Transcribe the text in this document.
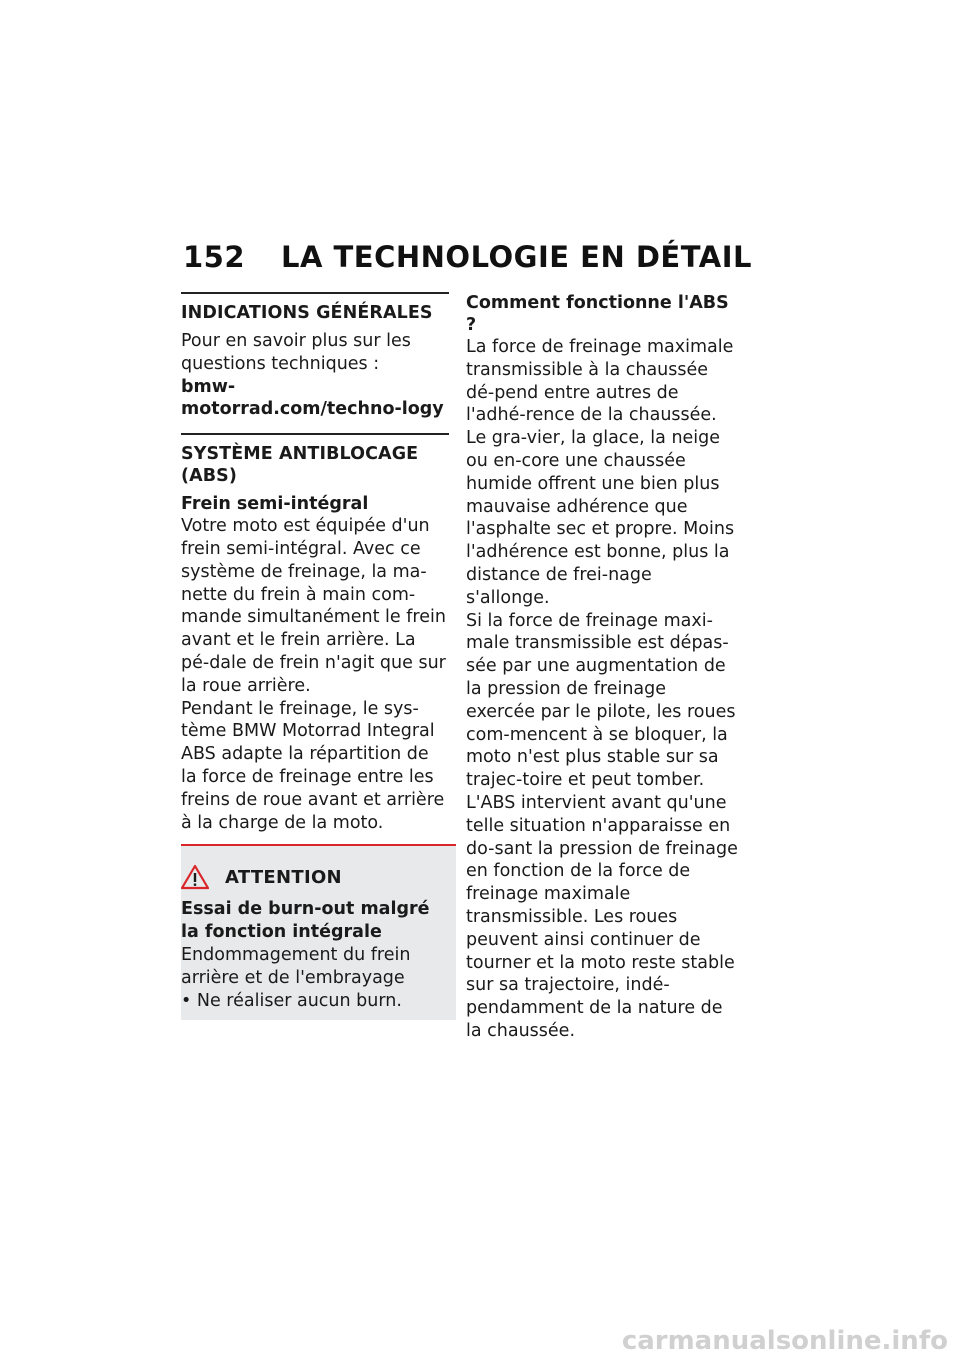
152 LA TECHNOLOGIE EN DÉTAIL
INDICATIONS GÉNÉRALES

Pour en savoir plus sur les questions techniques :

bmw-motorrad.com/techno-logy

SYSTÈME ANTIBLOCAGE (ABS)
Frein semi-intégral

Votre moto est équipée d'un frein semi-intégral. Avec ce système de freinage, la ma-nette du frein à main com-mande simultanément le frein avant et le frein arrière. La pé-dale de frein n'agit que sur la roue arrière.

Pendant le freinage, le sys-tème BMW Motorrad Integral ABS adapte la répartition de la force de freinage entre les freins de roue avant et arrière à la charge de la moto.

ATTENTION

Essai de burn-out malgré la fonction intégrale

Endommagement du frein arrière et de l'embrayage

• Ne réaliser aucun burn.

Comment fonctionne l'ABS ?

La force de freinage maximale transmissible à la chaussée dé-pend entre autres de l'adhé-rence de la chaussée. Le gra-vier, la glace, la neige ou en-core une chaussée humide offrent une bien plus mauvaise adhérence que l'asphalte sec et propre. Moins l'adhérence est bonne, plus la distance de frei-nage s'allonge.

Si la force de freinage maxi-male transmissible est dépas-sée par une augmentation de la pression de freinage exercée par le pilote, les roues com-mencent à se bloquer, la moto n'est plus stable sur sa trajec-toire et peut tomber. L'ABS intervient avant qu'une telle situation n'apparaisse en do-sant la pression de freinage en fonction de la force de freinage maximale transmissible. Les roues peuvent ainsi continuer de tourner et la moto reste stable sur sa trajectoire, indé-pendamment de la nature de la chaussée.

carmanualsonline.info
